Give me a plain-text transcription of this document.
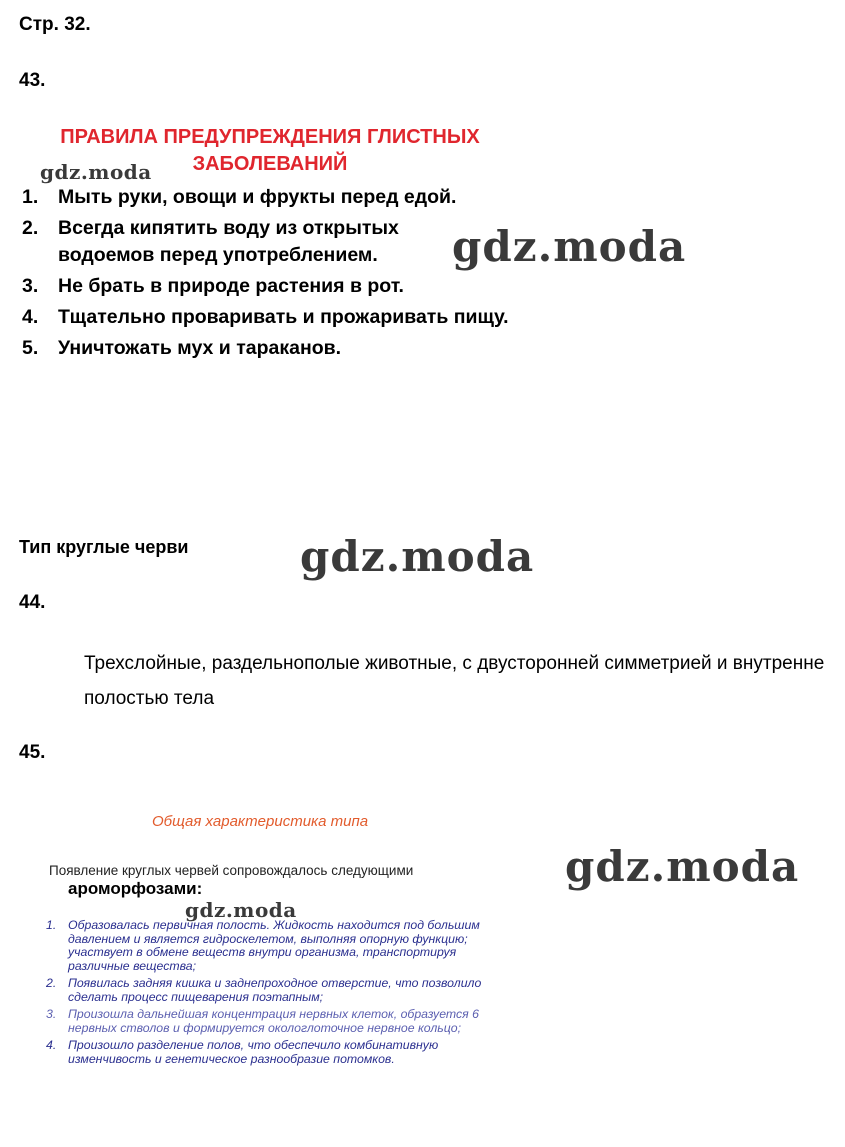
Стр. 32.
43.
ПРАВИЛА ПРЕДУПРЕЖДЕНИЯ ГЛИСТНЫХ ЗАБОЛЕВАНИЙ
gdz.moda
1.	Мыть руки, овощи и фрукты перед едой.
2.	Всегда кипятить воду из открытых водоемов перед употреблением.
3.	Не брать в природе растения в рот.
4.	Тщательно проваривать и прожаривать пищу.
5.	Уничтожать мух и тараканов.
gdz.moda
Тип круглые черви	gdz.moda
44.
Трехслойные, раздельнополые животные, с двусторонней симметрией и внутренне полостью тела
45.
Общая характеристика типа
Появление круглых червей сопровождалось следующими
ароморфозами:	gdz.moda
gdz.moda
1. Образовалась первичная полость. Жидкость находится под большим давлением и является гидроскелетом, выполняя опорную функцию; участвует в обмене веществ внутри организма, транспортируя различные вещества;
2. Появилась задняя кишка и заднепроходное отверстие, что позволило сделать процесс пищеварения поэтапным;
3. Произошла дальнейшая концентрация нервных клеток, образуется 6 нервных стволов и формируется окологлоточное нервное кольцо;
4. Произошло разделение полов, что обеспечило комбинативную изменчивость и генетическое разнообразие потомков.
